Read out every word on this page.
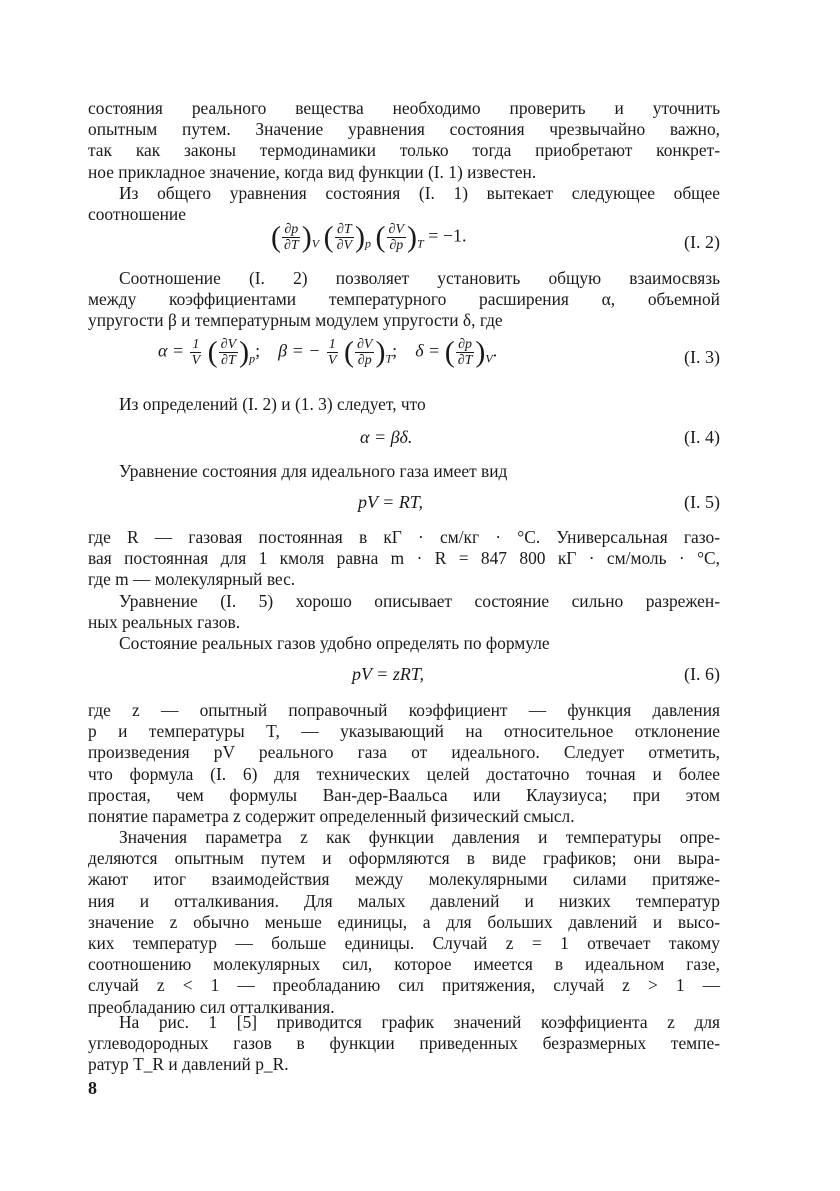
состояния реального вещества необходимо проверить и уточнить
опытным путем. Значение уравнения состояния чрезвычайно важно,
так как законы термодинамики только тогда приобретают конкрет-
ное прикладное значение, когда вид функции (I. 1) известен.
Из общего уравнения состояния (I. 1) вытекает следующее общее
соотношение
( $\frac{\partial p}{\partial T} )_V$ ( $\frac{\partial T}{\partial V} )_p$ ( $\frac{\partial V}{\partial p} )_T = -1$.	(I. 2)
Соотношение (I. 2) позволяет установить общую взаимосвязь
между коэффициентами температурного расширения α, объемной
упругости β и температурным модулем упругости δ, где
$\alpha = \frac{1}{V}$ ( $\frac{\partial V}{\partial T} )_p$; β = − $\frac{1}{V}$ ( $\frac{\partial V}{\partial p} )_T$; δ = ( $\frac{\partial p}{\partial T} )_V$.	(I. 3)
Из определений (I. 2) и (1. 3) следует, что
α = βδ.	(I. 4)
Уравнение состояния для идеального газа имеет вид
pV = RT,	(I. 5)
где R — газовая постоянная в кГ · см/кг · °С. Универсальная газо-
вая постоянная для 1 кмоля равна m · R = 847 800 кГ · см/моль · °С,
где m — молекулярный вес.
Уравнение (I. 5) хорошо описывает состояние сильно разрежен-
ных реальных газов.
Состояние реальных газов удобно определять по формуле
pV = zRT,	(I. 6)
где z — опытный поправочный коэффициент — функция давления
p и температуры T, — указывающий на относительное отклонение
произведения pV реального газа от идеального. Следует отметить,
что формула (I. 6) для технических целей достаточно точная и более
простая, чем формулы Ван-дер-Ваальса или Клаузиуса; при этом
понятие параметра z содержит определенный физический смысл.
Значения параметра z как функции давления и температуры опре-
деляются опытным путем и оформляются в виде графиков; они выра-
жают итог взаимодействия между молекулярными силами притяже-
ния и отталкивания. Для малых давлений и низких температур
значение z обычно меньше единицы, а для больших давлений и высо-
ких температур — больше единицы. Случай z = 1 отвечает такому
соотношению молекулярных сил, которое имеется в идеальном газе,
случай z < 1 — преобладанию сил притяжения, случай z > 1 —
преобладанию сил отталкивания.
На рис. 1 [5] приводится график значений коэффициента z для
углеводородных газов в функции приведенных безразмерных темпе-
ратур T_R и давлений p_R.
8
